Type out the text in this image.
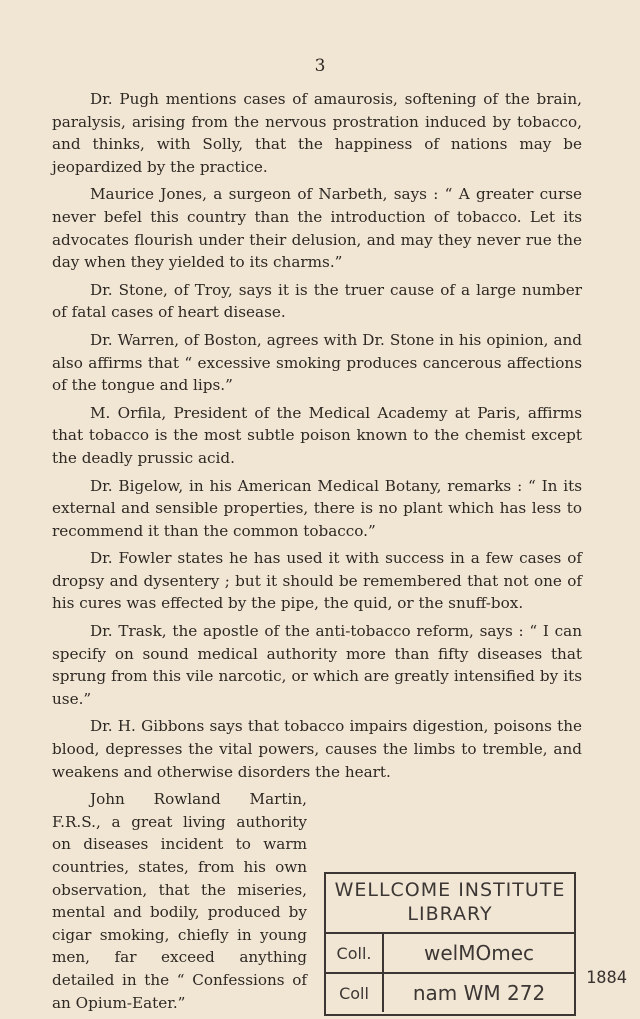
3

Dr. Pugh mentions cases of amaurosis, softening of the brain, paralysis, arising from the nervous prostration induced by tobacco, and thinks, with Solly, that the happiness of nations may be jeopardized by the practice.

Maurice Jones, a surgeon of Narbeth, says : “ A greater curse never befel this country than the introduction of tobacco. Let its advocates flourish under their delusion, and may they never rue the day when they yielded to its charms.”

Dr. Stone, of Troy, says it is the truer cause of a large number of fatal cases of heart disease.

Dr. Warren, of Boston, agrees with Dr. Stone in his opinion, and also affirms that “ excessive smoking produces cancerous affections of the tongue and lips.”

M. Orfila, President of the Medical Academy at Paris, affirms that tobacco is the most subtle poison known to the chemist except the deadly prussic acid.

Dr. Bigelow, in his American Medical Botany, remarks : “ In its external and sensible properties, there is no plant which has less to recommend it than the common tobacco.”

Dr. Fowler states he has used it with success in a few cases of dropsy and dysentery ; but it should be remembered that not one of his cures was effected by the pipe, the quid, or the snuff-box.

Dr. Trask, the apostle of the anti-tobacco reform, says : “ I can specify on sound medical authority more than fifty diseases that sprung from this vile narcotic, or which are greatly intensified by its use.”

Dr. H. Gibbons says that tobacco impairs digestion, poisons the blood, depresses the vital powers, causes the limbs to tremble, and weakens and otherwise disorders the heart.

John Rowland Martin, F.R.S., a great living authority on diseases incident to warm countries, states, from his own observation, that the miseries, mental and bodily, produced by cigar smoking, chiefly in young men, far exceed anything detailed in the “ Confessions of an Opium-Eater.”

WELLCOME INSTITUTE
LIBRARY
Coll.	welMOmec
Coll	nam WM 272
1884
